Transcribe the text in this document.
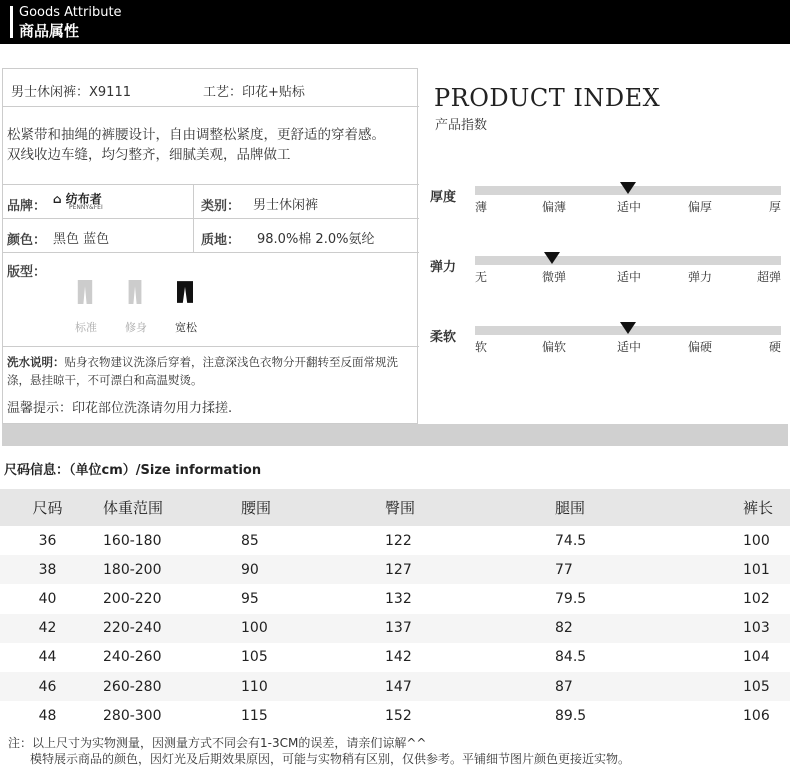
Goods Attribute
商品属性
男士休闲裤：X9111	工艺：印花+贴标
松紧带和抽绳的裤腰设计，自由调整松紧度，更舒适的穿着感。
双线收边车缝，均匀整齐，细腻美观，品牌做工
品牌： ⌂ 纺布者
PENNY&FEI	类别： 男士休闲裤
颜色： 黑色 蓝色	质地： 98.0%棉 2.0%氨纶
版型：
标准	修身	宽松
洗水说明：贴身衣物建议洗涤后穿着，注意深浅色衣物分开翻转至反面常规洗涤，悬挂晾干，不可漂白和高温熨烫。
温馨提示：印花部位洗涤请勿用力揉搓.
PRODUCT INDEX
产品指数
厚度
薄	偏薄	适中	偏厚	厚
弹力
无	微弹	适中	弹力	超弹
柔软
软	偏软	适中	偏硬	硬
尺码信息：（单位cm）/Size information
尺码	体重范围	腰围	臀围	腿围	裤长
36	160-180	85	122	74.5	100
38	180-200	90	127	77	101
40	200-220	95	132	79.5	102
42	220-240	100	137	82	103
44	240-260	105	142	84.5	104
46	260-280	110	147	87	105
48	280-300	115	152	89.5	106
注：以上尺寸为实物测量，因测量方式不同会有1-3CM的误差，请亲们谅解^^
模特展示商品的颜色，因灯光及后期效果原因，可能与实物稍有区别，仅供参考。平铺细节图片颜色更接近实物。
